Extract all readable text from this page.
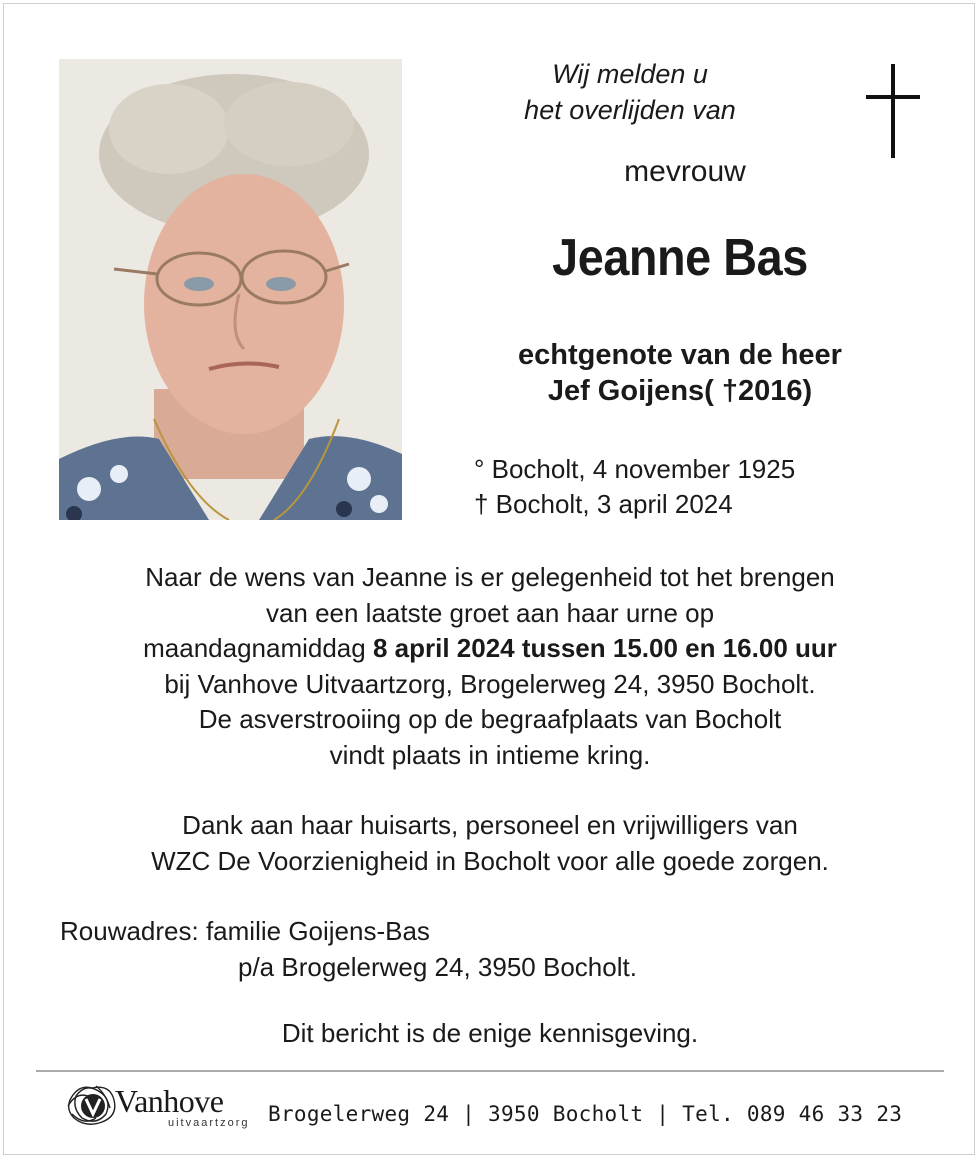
Wij melden u
het overlijden van
mevrouw
Jeanne Bas
echtgenote van de heer
Jef Goijens( †2016)
° Bocholt, 4 november 1925
† Bocholt, 3 april 2024
Naar de wens van Jeanne is er gelegenheid tot het brengen
van een laatste groet aan haar urne op
maandagnamiddag 8 april 2024 tussen 15.00 en 16.00 uur
bij Vanhove Uitvaartzorg, Brogelerweg 24, 3950 Bocholt.
De asverstrooiing op de begraafplaats van Bocholt
vindt plaats in intieme kring.
Dank aan haar huisarts, personeel en vrijwilligers van
WZC De Voorzienigheid in Bocholt voor alle goede zorgen.
Rouwadres: familie Goijens-Bas
p/a Brogelerweg 24, 3950 Bocholt.
Dit bericht is de enige kennisgeving.
Vanhove
uitvaartzorg Brogelerweg 24 | 3950 Bocholt | Tel. 089 46 33 23
